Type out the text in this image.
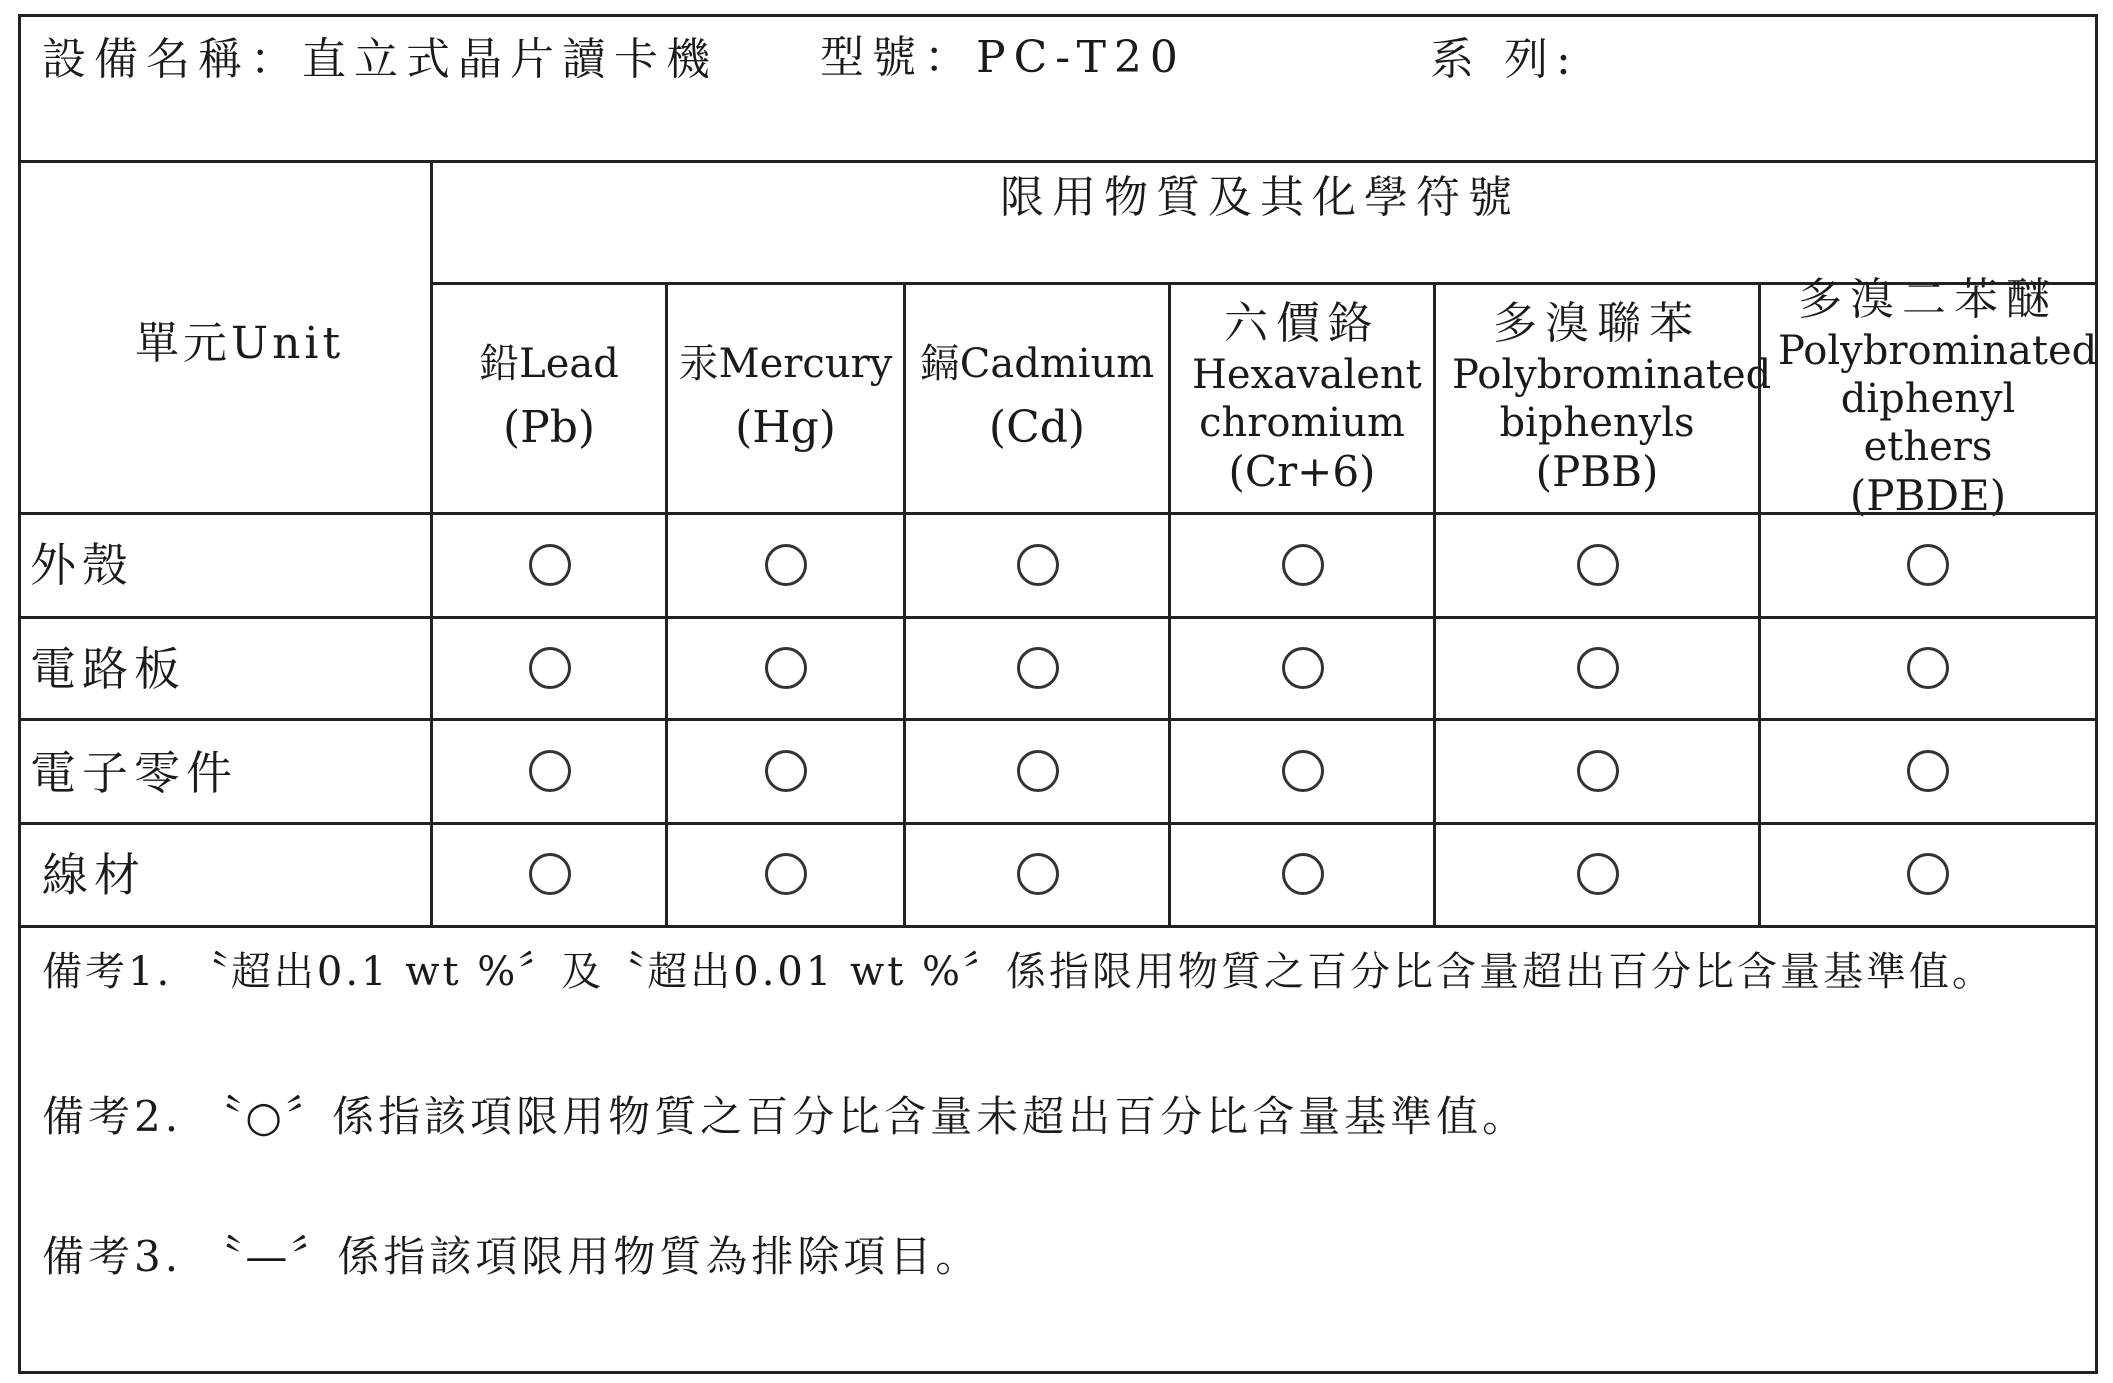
設備名稱：直立式晶片讀卡機 型號：PC-T20	系 列:
單元Unit
限用物質及其化學符號
鉛Lead
(Pb)
汞Mercury
(Hg)
鎘Cadmium
(Cd)
六價鉻
Hexavalent chromium
(Cr+6)
多溴聯苯
Polybrominated biphenyls
(PBB)
多溴二苯醚
Polybrominated diphenyl ethers
(PBDE)
外殼
電路板
電子零件
線材
備考1. 〝超出0.1 wt %〞及〝超出0.01 wt %〞係指限用物質之百分比含量超出百分比含量基準值。
備考2. 〝○〞係指該項限用物質之百分比含量未超出百分比含量基準值。
備考3. 〝—〞係指該項限用物質為排除項目。
